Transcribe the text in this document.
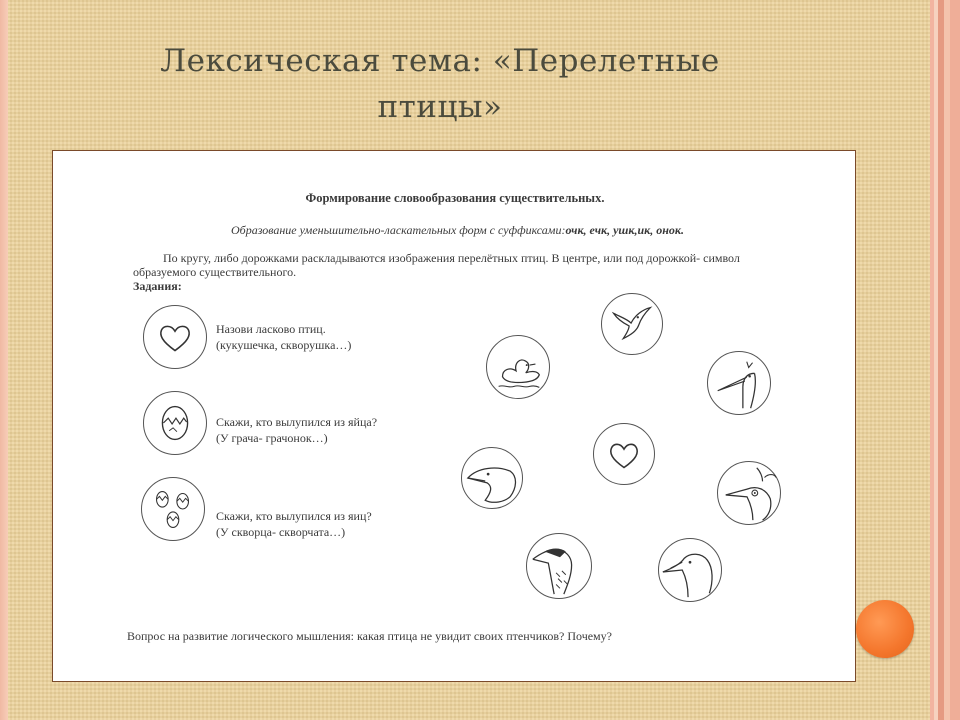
Лексическая тема: «Перелетные
птицы»
Формирование словообразования существительных.
Образование уменьшительно-ласкательных форм с суффиксами:очк, ечк, ушк,ик, онок.
По кругу, либо дорожками раскладываются изображения перелётных птиц. В центре, или под дорожкой- символ
образуемого существительного.
Задания:
Назови ласково птиц.
(кукушечка, скворушка…)
Скажи, кто вылупился из яйца?
(У грача- грачонок…)
Скажи, кто вылупился из яиц?
(У скворца- скворчата…)
Вопрос на развитие логического мышления: какая птица не увидит своих птенчиков? Почему?
